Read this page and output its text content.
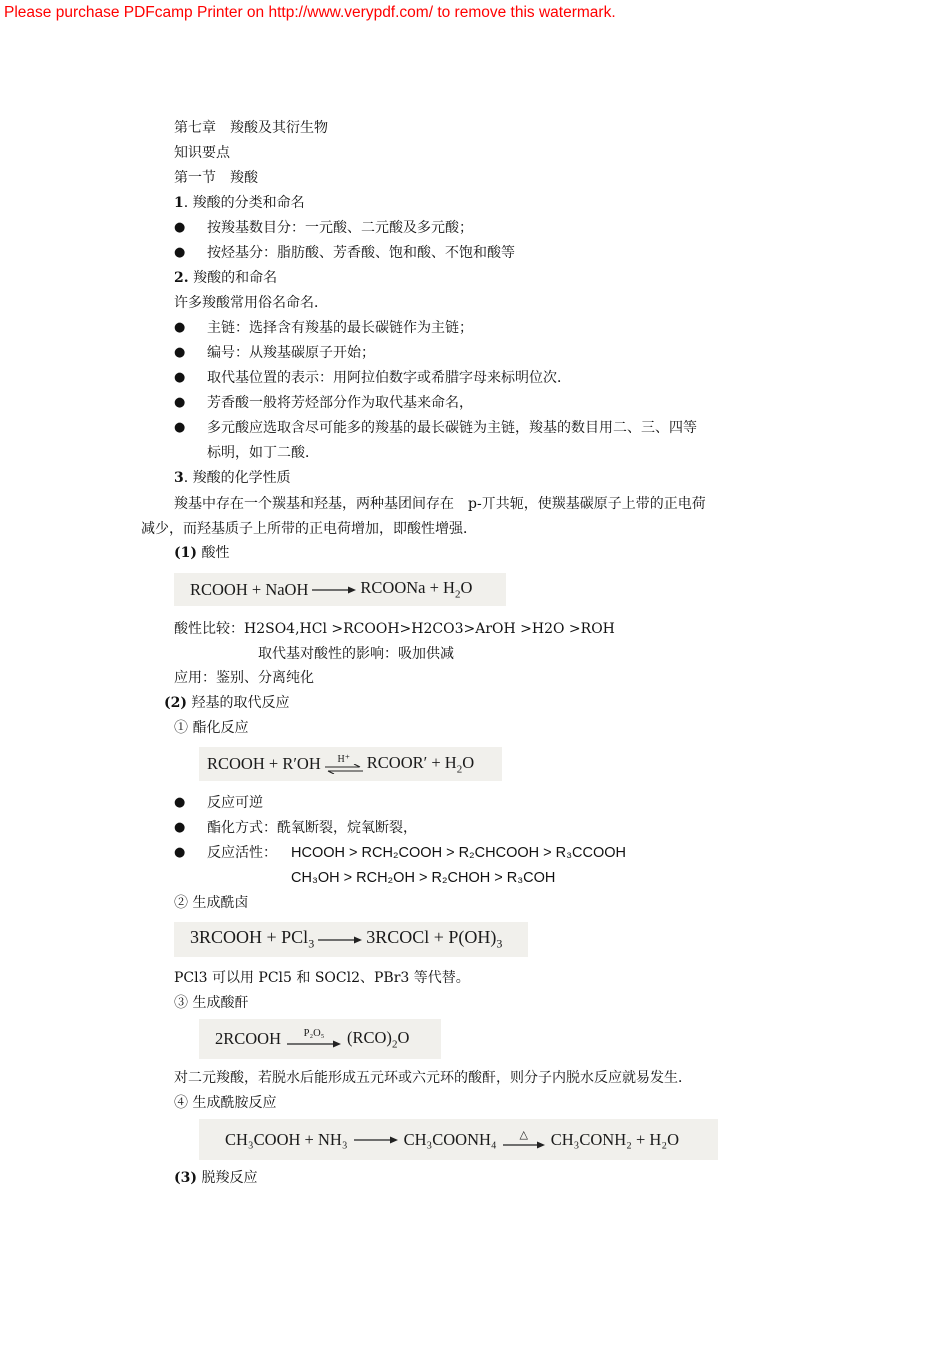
Please purchase PDFcamp Printer on http://www.verypdf.com/ to remove this watermark.
第七章　羧酸及其衍生物
知识要点
第一节　羧酸
1. 羧酸的分类和命名
● 按羧基数目分：一元酸、二元酸及多元酸；
● 按烃基分：脂肪酸、芳香酸、饱和酸、不饱和酸等
2. 羧酸的和命名
许多羧酸常用俗名命名．
● 主链：选择含有羧基的最长碳链作为主链；
● 编号：从羧基碳原子开始；
● 取代基位置的表示：用阿拉伯数字或希腊字母来标明位次．
● 芳香酸一般将芳烃部分作为取代基来命名，
● 多元酸应选取含尽可能多的羧基的最长碳链为主链，羧基的数目用二、三、四等
标明，如丁二酸．
3. 羧酸的化学性质
羧基中存在一个羰基和羟基，两种基团间存在　p-丌共轭，使羰基碳原子上带的正电荷
减少，而羟基质子上所带的正电荷增加，即酸性增强．
(1) 酸性
RCOOH + NaOH	RCOONa + $H_2O$
酸性比较：H2SO4,HCl >RCOOH>H2CO3>ArOH >H2O >ROH
取代基对酸性的影响：吸加供减
应用：鉴别、分离纯化
(2) 羟基的取代反应
① 酯化反应
RCOOH + R′OH H⁺ RCOOR′ + $H_2O$
● 反应可逆
● 酯化方式：酰氧断裂，烷氧断裂，
● 反应活性： HCOOH > RCH₂COOH > R₂CHCOOH > R₃CCOOH
CH₃OH > RCH₂OH > R₂CHOH > R₃COH
② 生成酰卤
3RCOOH + PCl$_3$	3RCOCl + $P(OH)_3$
PCl3 可以用 PCl5 和 SOCl2、PBr3 等代替。
③ 生成酸酐
2RCOOH P₂O₅ $(RCO)_2O$
对二元羧酸，若脱水后能形成五元环或六元环的酸酐，则分子内脱水反应就易发生．
④ 生成酰胺反应
CH₃COOH + NH₃	CH₃COONH₄ △ CH₃CONH₂ + H₂O
(3) 脱羧反应
